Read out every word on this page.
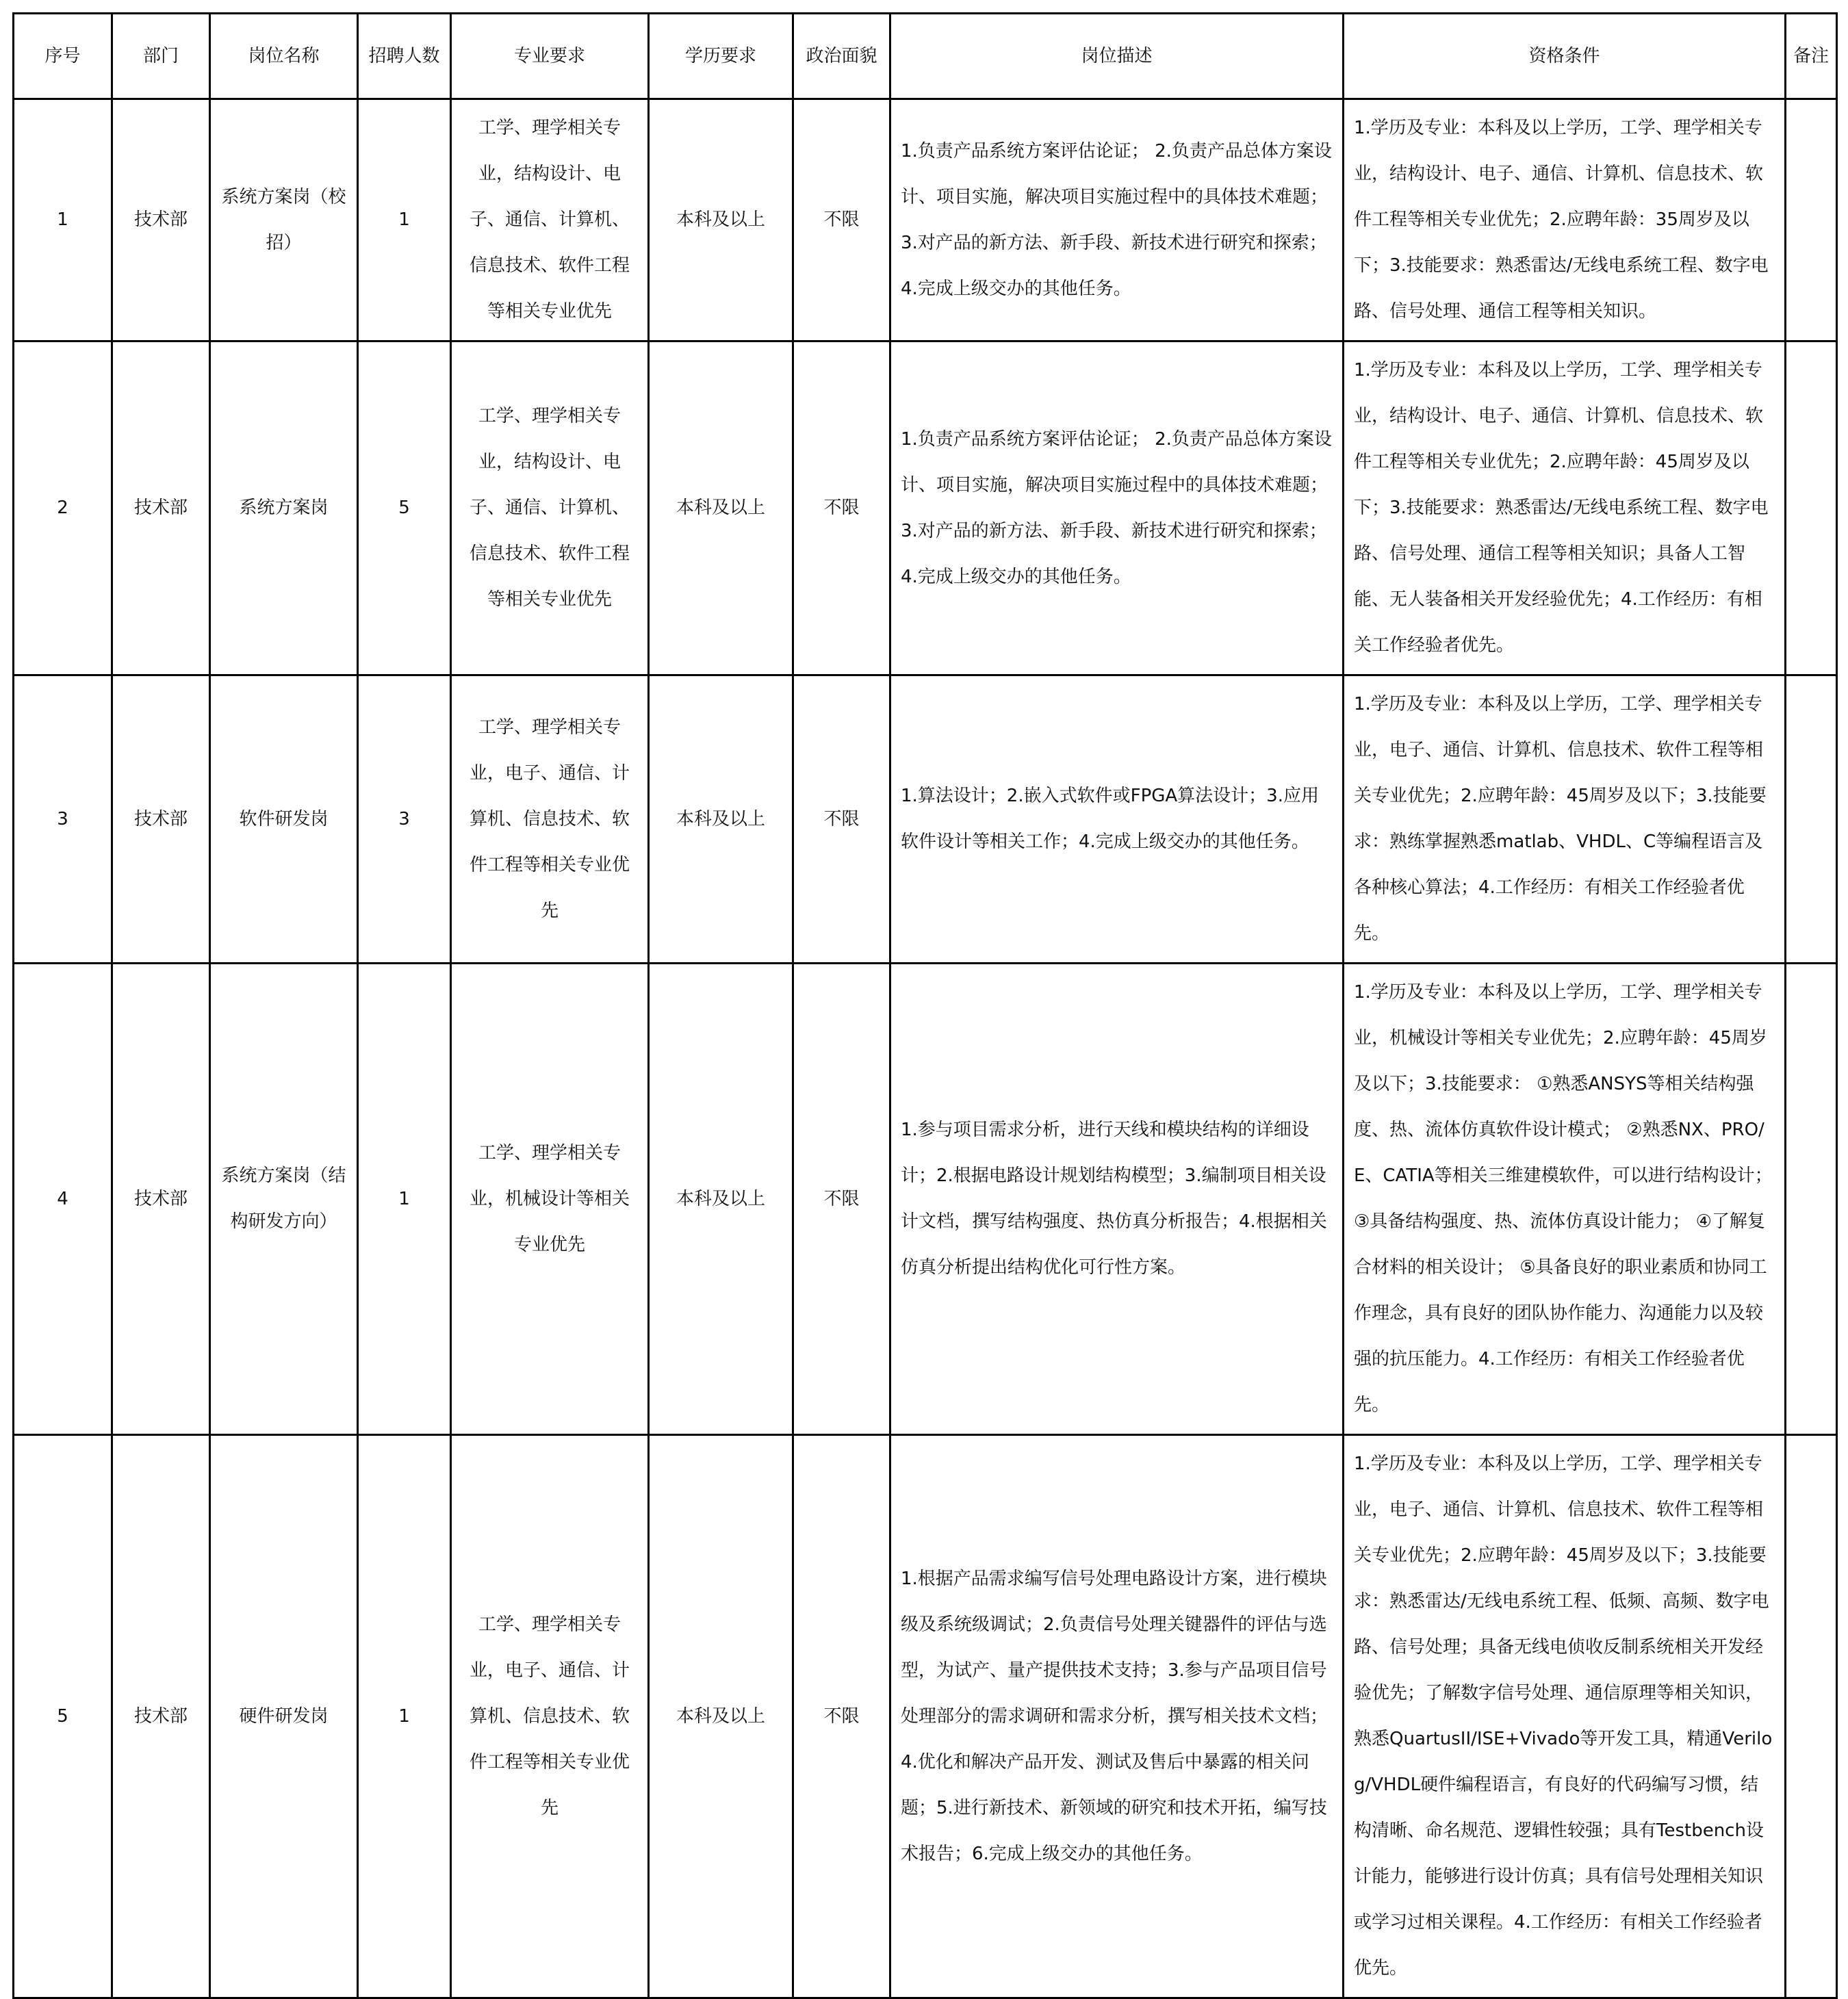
序号	部门	岗位名称	招聘人数	专业要求	学历要求	政治面貌	岗位描述	资格条件	备注
1	技术部	系统方案岗（校招）	1	工学、理学相关专业，结构设计、电子、通信、计算机、信息技术、软件工程等相关专业优先	本科及以上	不限	1.负责产品系统方案评估论证； 2.负责产品总体方案设计、项目实施，解决项目实施过程中的具体技术难题； 3.对产品的新方法、新手段、新技术进行研究和探索；4.完成上级交办的其他任务。	1.学历及专业：本科及以上学历，工学、理学相关专业，结构设计、电子、通信、计算机、信息技术、软件工程等相关专业优先；2.应聘年龄：35周岁及以下；3.技能要求：熟悉雷达/无线电系统工程、数字电路、信号处理、通信工程等相关知识。	
2	技术部	系统方案岗	5	工学、理学相关专业，结构设计、电子、通信、计算机、信息技术、软件工程等相关专业优先	本科及以上	不限	1.负责产品系统方案评估论证； 2.负责产品总体方案设计、项目实施，解决项目实施过程中的具体技术难题； 3.对产品的新方法、新手段、新技术进行研究和探索；4.完成上级交办的其他任务。	1.学历及专业：本科及以上学历，工学、理学相关专业，结构设计、电子、通信、计算机、信息技术、软件工程等相关专业优先；2.应聘年龄：45周岁及以下；3.技能要求：熟悉雷达/无线电系统工程、数字电路、信号处理、通信工程等相关知识；具备人工智能、无人装备相关开发经验优先；4.工作经历：有相关工作经验者优先。	
3	技术部	软件研发岗	3	工学、理学相关专业，电子、通信、计算机、信息技术、软件工程等相关专业优先	本科及以上	不限	1.算法设计；2.嵌入式软件或FPGA算法设计；3.应用软件设计等相关工作；4.完成上级交办的其他任务。	1.学历及专业：本科及以上学历，工学、理学相关专业，电子、通信、计算机、信息技术、软件工程等相关专业优先；2.应聘年龄：45周岁及以下；3.技能要求：熟练掌握熟悉matlab、VHDL、C等编程语言及各种核心算法；4.工作经历：有相关工作经验者优先。	
4	技术部	系统方案岗（结构研发方向）	1	工学、理学相关专业，机械设计等相关专业优先	本科及以上	不限	1.参与项目需求分析，进行天线和模块结构的详细设计；2.根据电路设计规划结构模型；3.编制项目相关设计文档，撰写结构强度、热仿真分析报告；4.根据相关仿真分析提出结构优化可行性方案。	1.学历及专业：本科及以上学历，工学、理学相关专业，机械设计等相关专业优先；2.应聘年龄：45周岁及以下；3.技能要求： ①熟悉ANSYS等相关结构强度、热、流体仿真软件设计模式； ②熟悉NX、PRO/E、CATIA等相关三维建模软件，可以进行结构设计； ③具备结构强度、热、流体仿真设计能力； ④了解复合材料的相关设计； ⑤具备良好的职业素质和协同工作理念，具有良好的团队协作能力、沟通能力以及较强的抗压能力。4.工作经历：有相关工作经验者优先。	
5	技术部	硬件研发岗	1	工学、理学相关专业，电子、通信、计算机、信息技术、软件工程等相关专业优先	本科及以上	不限	1.根据产品需求编写信号处理电路设计方案，进行模块级及系统级调试；2.负责信号处理关键器件的评估与选型，为试产、量产提供技术支持；3.参与产品项目信号处理部分的需求调研和需求分析，撰写相关技术文档；4.优化和解决产品开发、测试及售后中暴露的相关问题；5.进行新技术、新领域的研究和技术开拓，编写技术报告；6.完成上级交办的其他任务。	1.学历及专业：本科及以上学历，工学、理学相关专业，电子、通信、计算机、信息技术、软件工程等相关专业优先；2.应聘年龄：45周岁及以下；3.技能要求：熟悉雷达/无线电系统工程、低频、高频、数字电路、信号处理；具备无线电侦收反制系统相关开发经验优先；了解数字信号处理、通信原理等相关知识，熟悉QuartusII/ISE+Vivado等开发工具，精通Verilog/VHDL硬件编程语言，有良好的代码编写习惯，结构清晰、命名规范、逻辑性较强；具有Testbench设计能力，能够进行设计仿真；具有信号处理相关知识或学习过相关课程。4.工作经历：有相关工作经验者优先。	
